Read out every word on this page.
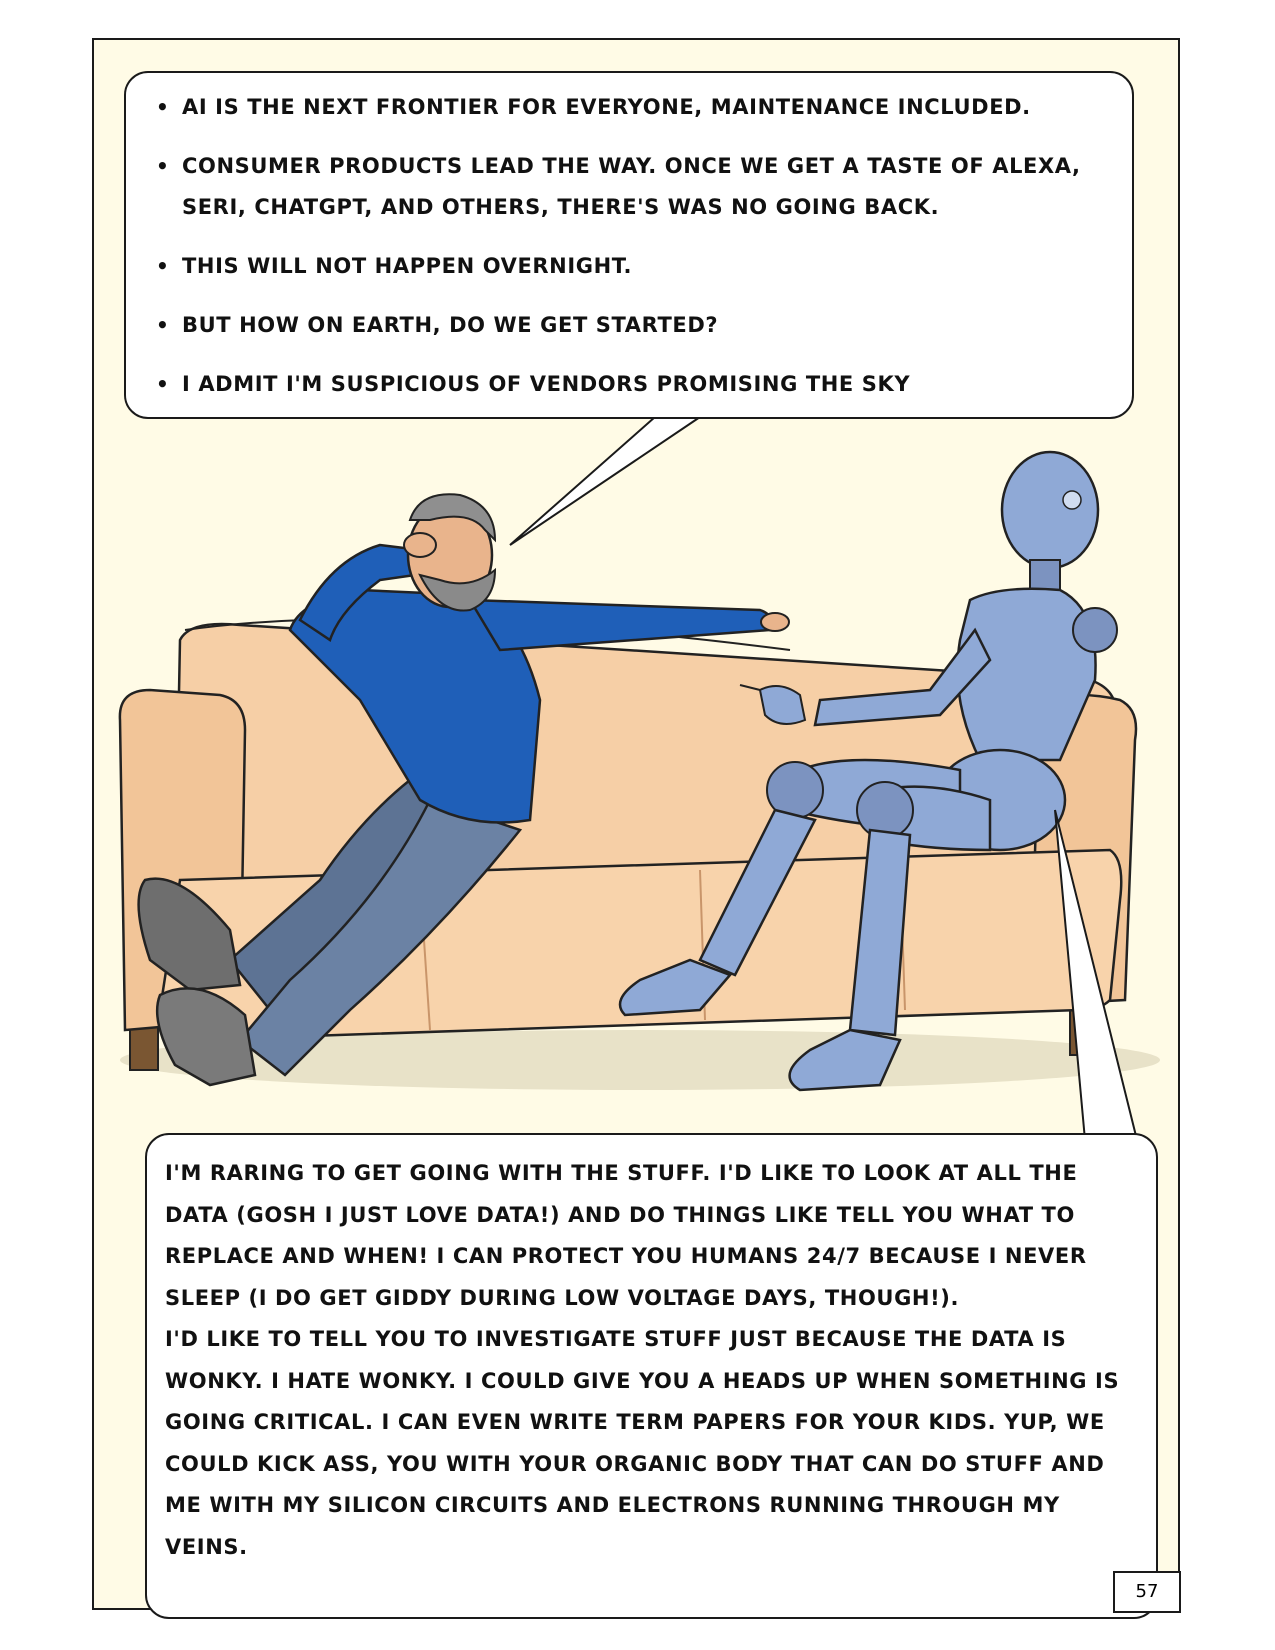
• AI IS THE NEXT FRONTIER FOR EVERYONE, MAINTENANCE INCLUDED.
• CONSUMER PRODUCTS LEAD THE WAY. ONCE WE GET A TASTE OF ALEXA, SERI, CHATGPT, AND OTHERS, THERE'S WAS NO GOING BACK.
• THIS WILL NOT HAPPEN OVERNIGHT.
• BUT HOW ON EARTH, DO WE GET STARTED?
• I ADMIT I'M SUSPICIOUS OF VENDORS PROMISING THE SKY

I'M RARING TO GET GOING WITH THE STUFF. I'D LIKE TO LOOK AT ALL THE DATA (GOSH I JUST LOVE DATA!) AND DO THINGS LIKE TELL YOU WHAT TO REPLACE AND WHEN! I CAN PROTECT YOU HUMANS 24/7 BECAUSE I NEVER SLEEP (I DO GET GIDDY DURING LOW VOLTAGE DAYS, THOUGH!).

I'D LIKE TO TELL YOU TO INVESTIGATE STUFF JUST BECAUSE THE DATA IS WONKY. I HATE WONKY. I COULD GIVE YOU A HEADS UP WHEN SOMETHING IS GOING CRITICAL. I CAN EVEN WRITE TERM PAPERS FOR YOUR KIDS. YUP, WE COULD KICK ASS, YOU WITH YOUR ORGANIC BODY THAT CAN DO STUFF AND ME WITH MY SILICON CIRCUITS AND ELECTRONS RUNNING THROUGH MY VEINS.

57
